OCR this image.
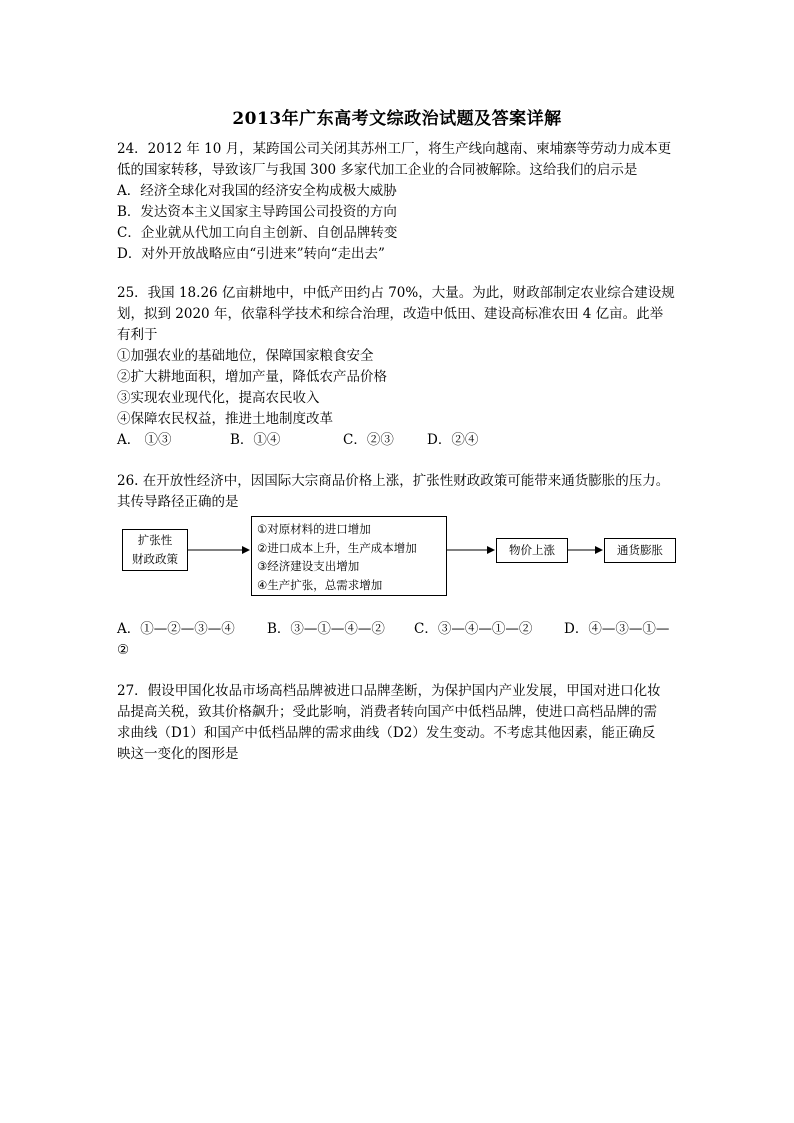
2013年广东高考文综政治试题及答案详解
24．2012 年 10 月，某跨国公司关闭其苏州工厂，将生产线向越南、柬埔寨等劳动力成本更
低的国家转移，导致该厂与我国 300 多家代加工企业的合同被解除。这给我们的启示是
A．经济全球化对我国的经济安全构成极大威胁
B．发达资本主义国家主导跨国公司投资的方向
C．企业就从代加工向自主创新、自创品牌转变
D．对外开放战略应由“引进来”转向“走出去”
25．我国 18.26 亿亩耕地中，中低产田约占 70%，大量。为此，财政部制定农业综合建设规
划，拟到 2020 年，依靠科学技术和综合治理，改造中低田、建设高标准农田 4 亿亩。此举
有利于
①加强农业的基础地位，保障国家粮食安全
②扩大耕地面积，增加产量，降低农产品价格
③实现农业现代化，提高农民收入
④保障农民权益，推进土地制度改革
A． ①③	B．①④	C．②③ D．②④
26. 在开放性经济中，因国际大宗商品价格上涨，扩张性财政政策可能带来通货膨胀的压力。
其传导路径正确的是
扩张性
财政政策
①对原材料的进口增加
②进口成本上升，生产成本增加
③经济建设支出增加
④生产扩张，总需求增加
物价上涨	通货膨胀
A．①—②—③—④ B．③—①—④—② C．③—④—①—② D．④—③—①—
②
27．假设甲国化妆品市场高档品牌被进口品牌垄断，为保护国内产业发展，甲国对进口化妆
品提高关税，致其价格飙升；受此影响，消费者转向国产中低档品牌，使进口高档品牌的需
求曲线（D1）和国产中低档品牌的需求曲线（D2）发生变动。不考虑其他因素，能正确反
映这一变化的图形是
